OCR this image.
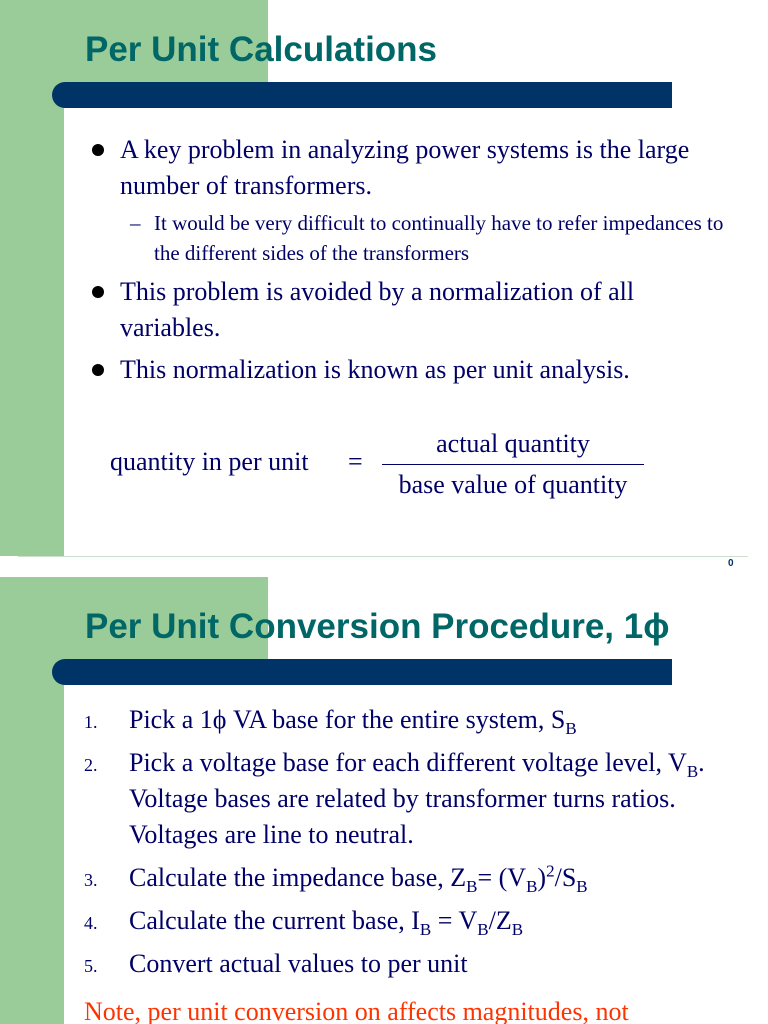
Per Unit Calculations
A key problem in analyzing power systems is the large number of transformers.
– It would be very difficult to continually have to refer impedances to the different sides of the transformers
This problem is avoided by a normalization of all variables.
This normalization is known as per unit analysis.
quantity in per unit =
actual quantity
base value of quantity
0
Per Unit Conversion Procedure, 1ϕ
1. Pick a 1ϕ VA base for the entire system, $S_B$
2. Pick a voltage base for each different voltage level, $V_B$. Voltage bases are related by transformer turns ratios. Voltages are line to neutral.
3. Calculate the impedance base, $Z_B= (V_B)^2/S_B$
4. Calculate the current base, $I_B = V_B/Z_B$
5. Convert actual values to per unit
Note, per unit conversion on affects magnitudes, not
